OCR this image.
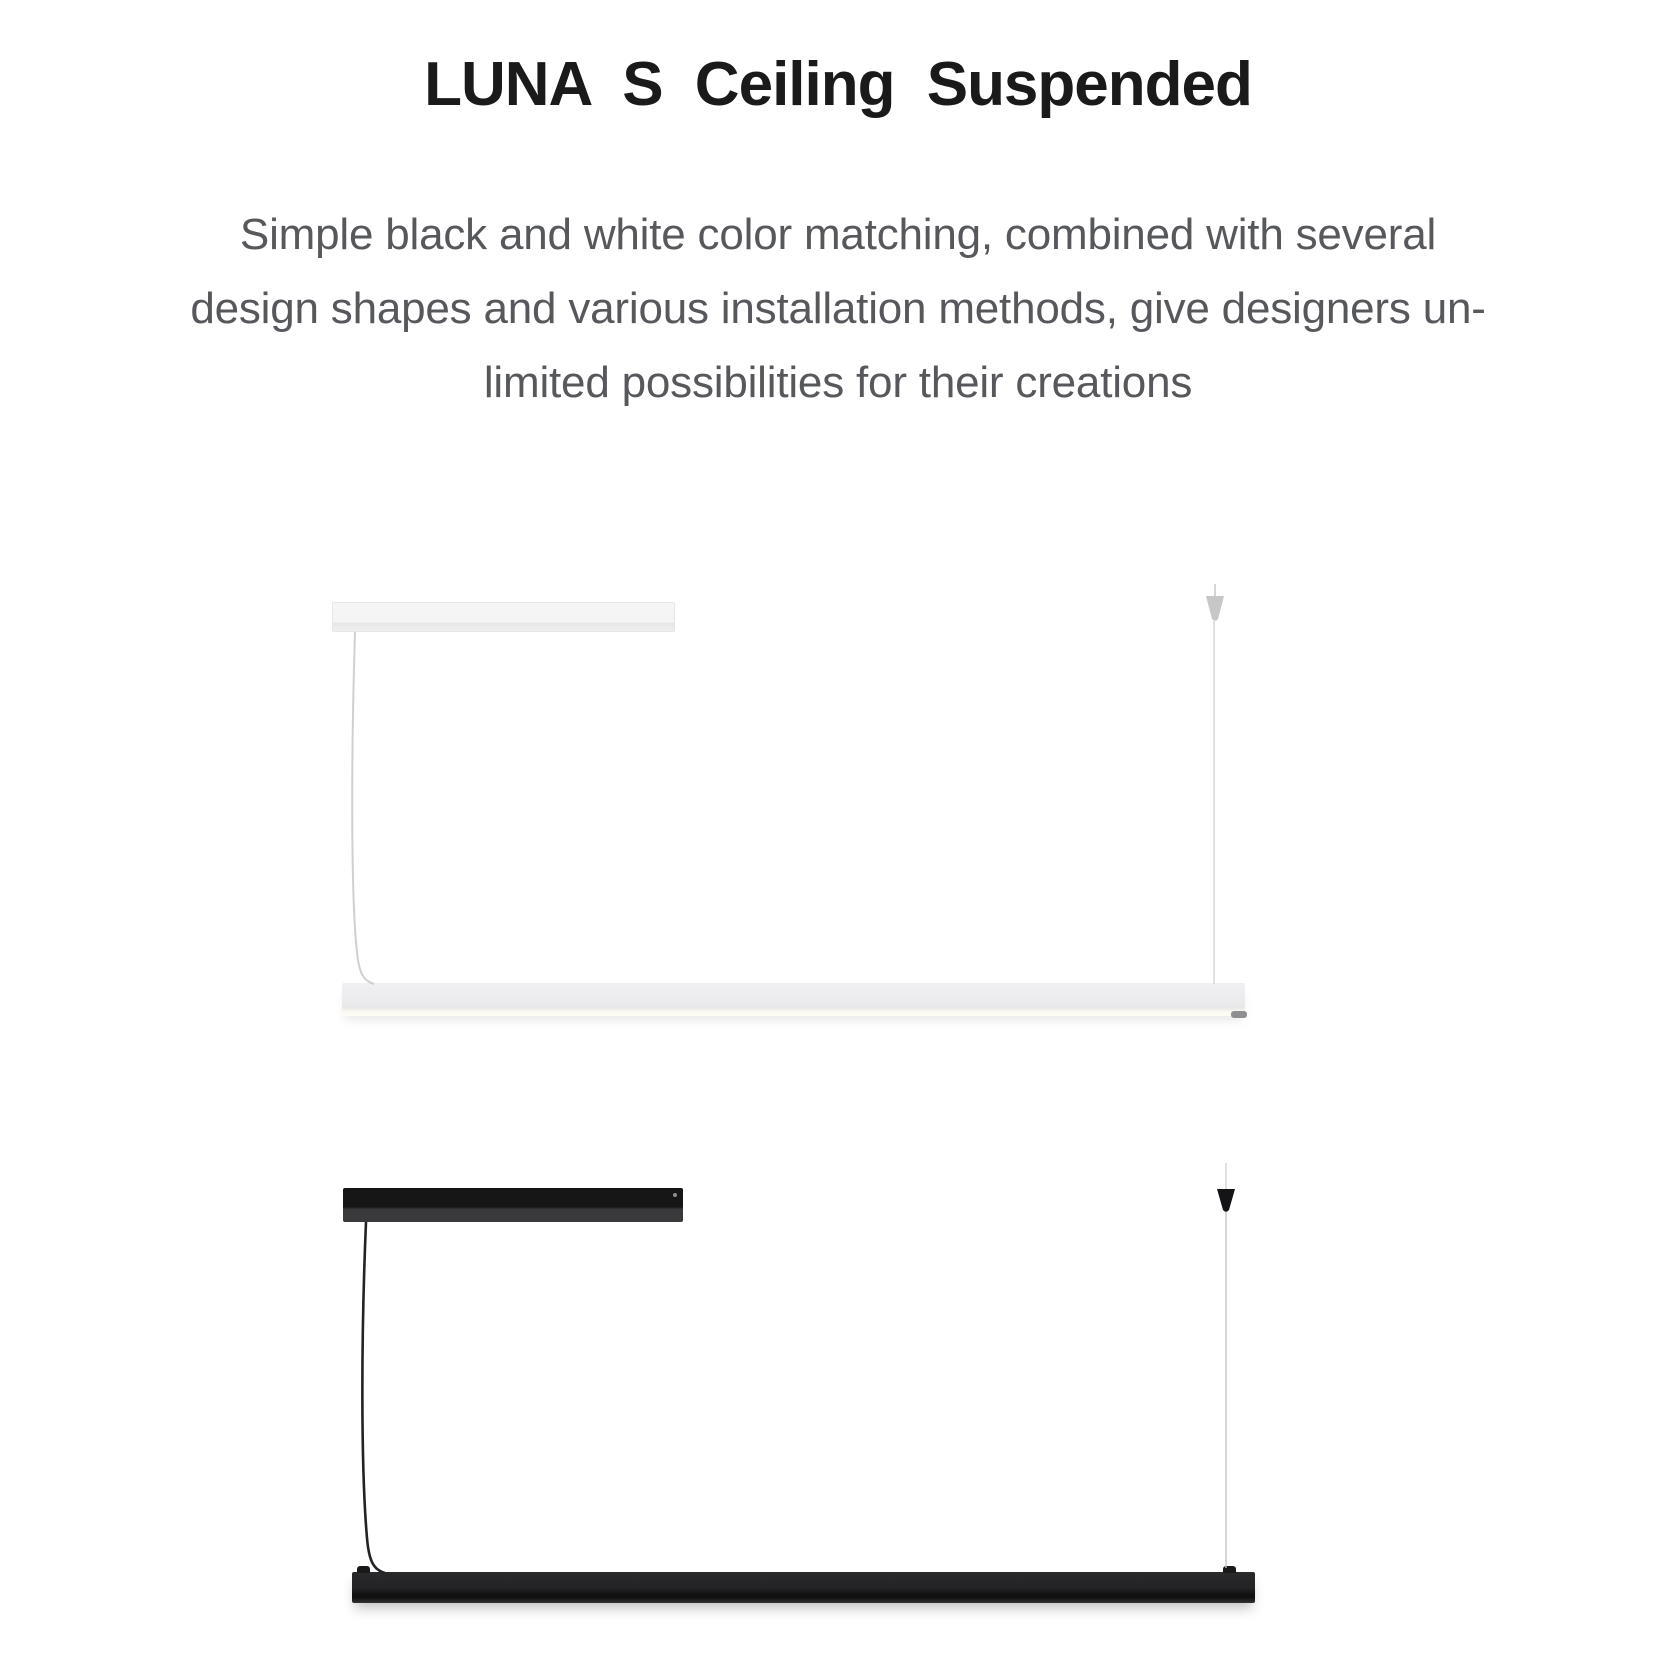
LUNA S Ceiling Suspended
Simple black and white color matching, combined with several
design shapes and various installation methods, give designers un-
limited possibilities for their creations
